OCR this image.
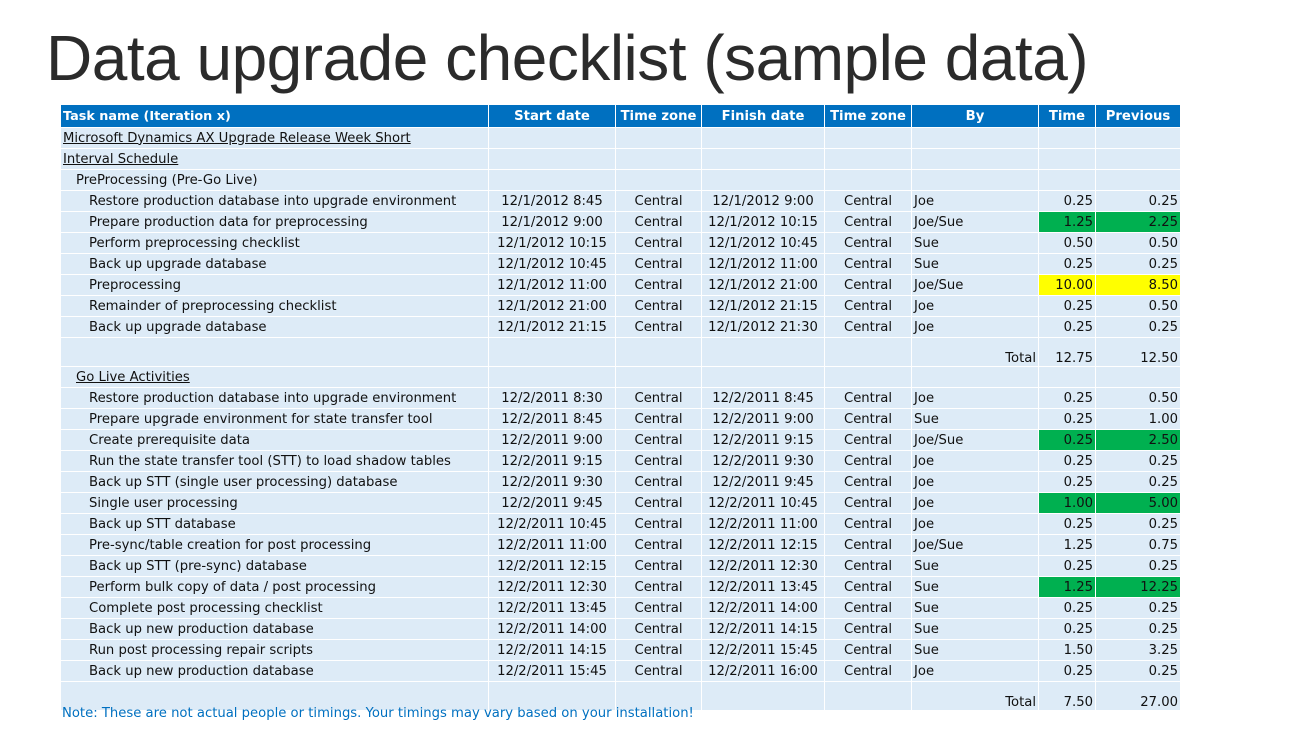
Data upgrade checklist (sample data)
Task name (Iteration x)	Start date	Time zone	Finish date	Time zone	By	Time	Previous
Microsoft Dynamics AX Upgrade Release Week Short							
Interval Schedule							
PreProcessing (Pre-Go Live)							
Restore production database into upgrade environment	12/1/2012 8:45	Central	12/1/2012 9:00	Central	Joe	0.25	0.25
Prepare production data for preprocessing	12/1/2012 9:00	Central	12/1/2012 10:15	Central	Joe/Sue	1.25	2.25
Perform preprocessing checklist	12/1/2012 10:15	Central	12/1/2012 10:45	Central	Sue	0.50	0.50
Back up upgrade database	12/1/2012 10:45	Central	12/1/2012 11:00	Central	Sue	0.25	0.25
Preprocessing	12/1/2012 11:00	Central	12/1/2012 21:00	Central	Joe/Sue	10.00	8.50
Remainder of preprocessing checklist	12/1/2012 21:00	Central	12/1/2012 21:15	Central	Joe	0.25	0.50
Back up upgrade database	12/1/2012 21:15	Central	12/1/2012 21:30	Central	Joe	0.25	0.25
					Total	12.75	12.50
Go Live Activities							
Restore production database into upgrade environment	12/2/2011 8:30	Central	12/2/2011 8:45	Central	Joe	0.25	0.50
Prepare upgrade environment for state transfer tool	12/2/2011 8:45	Central	12/2/2011 9:00	Central	Sue	0.25	1.00
Create prerequisite data	12/2/2011 9:00	Central	12/2/2011 9:15	Central	Joe/Sue	0.25	2.50
Run the state transfer tool (STT) to load shadow tables	12/2/2011 9:15	Central	12/2/2011 9:30	Central	Joe	0.25	0.25
Back up STT (single user processing) database	12/2/2011 9:30	Central	12/2/2011 9:45	Central	Joe	0.25	0.25
Single user processing	12/2/2011 9:45	Central	12/2/2011 10:45	Central	Joe	1.00	5.00
Back up STT database	12/2/2011 10:45	Central	12/2/2011 11:00	Central	Joe	0.25	0.25
Pre-sync/table creation for post processing	12/2/2011 11:00	Central	12/2/2011 12:15	Central	Joe/Sue	1.25	0.75
Back up STT (pre-sync) database	12/2/2011 12:15	Central	12/2/2011 12:30	Central	Sue	0.25	0.25
Perform bulk copy of data / post processing	12/2/2011 12:30	Central	12/2/2011 13:45	Central	Sue	1.25	12.25
Complete post processing checklist	12/2/2011 13:45	Central	12/2/2011 14:00	Central	Sue	0.25	0.25
Back up new production database	12/2/2011 14:00	Central	12/2/2011 14:15	Central	Sue	0.25	0.25
Run post processing repair scripts	12/2/2011 14:15	Central	12/2/2011 15:45	Central	Sue	1.50	3.25
Back up new production database	12/2/2011 15:45	Central	12/2/2011 16:00	Central	Joe	0.25	0.25
					Total	7.50	27.00
Note: These are not actual people or timings. Your timings may vary based on your installation!
